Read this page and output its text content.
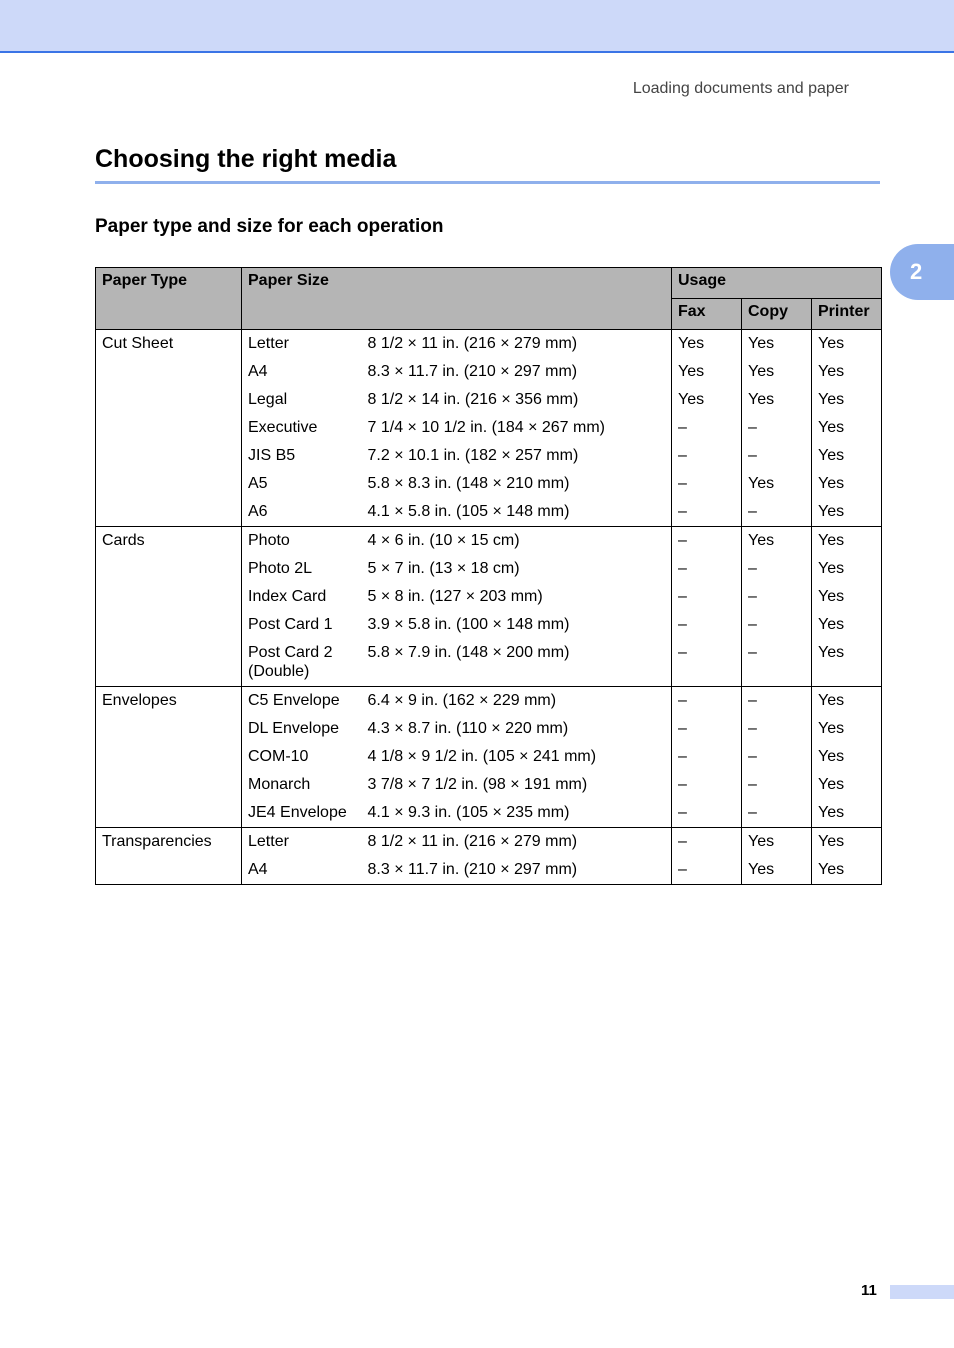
Loading documents and paper
Choosing the right media
Paper type and size for each operation
2
Paper Type	Paper Size		Usage		
			Fax	Copy	Printer

Cut Sheet	Letter	8 1/2 × 11 in. (216 × 279 mm)	Yes	Yes	Yes

	A4	8.3 × 11.7 in. (210 × 297 mm)	Yes	Yes	Yes

	Legal	8 1/2 × 14 in. (216 × 356 mm)	Yes	Yes	Yes

	Executive	7 1/4 × 10 1/2 in. (184 × 267 mm)	–	–	Yes

	JIS B5	7.2 × 10.1 in. (182 × 257 mm)	–	–	Yes

	A5	5.8 × 8.3 in. (148 × 210 mm)	–	Yes	Yes

	A6	4.1 × 5.8 in. (105 × 148 mm)	–	–	Yes

Cards	Photo	4 × 6 in. (10 × 15 cm)	–	Yes	Yes

	Photo 2L	5 × 7 in. (13 × 18 cm)	–	–	Yes

	Index Card	5 × 8 in. (127 × 203 mm)	–	–	Yes

	Post Card 1	3.9 × 5.8 in. (100 × 148 mm)	–	–	Yes

	Post Card 2 (Double)	5.8 × 7.9 in. (148 × 200 mm)	–	–	Yes

Envelopes	C5 Envelope	6.4 × 9 in. (162 × 229 mm)	–	–	Yes

	DL Envelope	4.3 × 8.7 in. (110 × 220 mm)	–	–	Yes

	COM-10	4 1/8 × 9 1/2 in. (105 × 241 mm)	–	–	Yes

	Monarch	3 7/8 × 7 1/2 in. (98 × 191 mm)	–	–	Yes

	JE4 Envelope	4.1 × 9.3 in. (105 × 235 mm)	–	–	Yes

Transparencies	Letter	8 1/2 × 11 in. (216 × 279 mm)	–	Yes	Yes

	A4	8.3 × 11.7 in. (210 × 297 mm)	–	Yes	Yes
11
